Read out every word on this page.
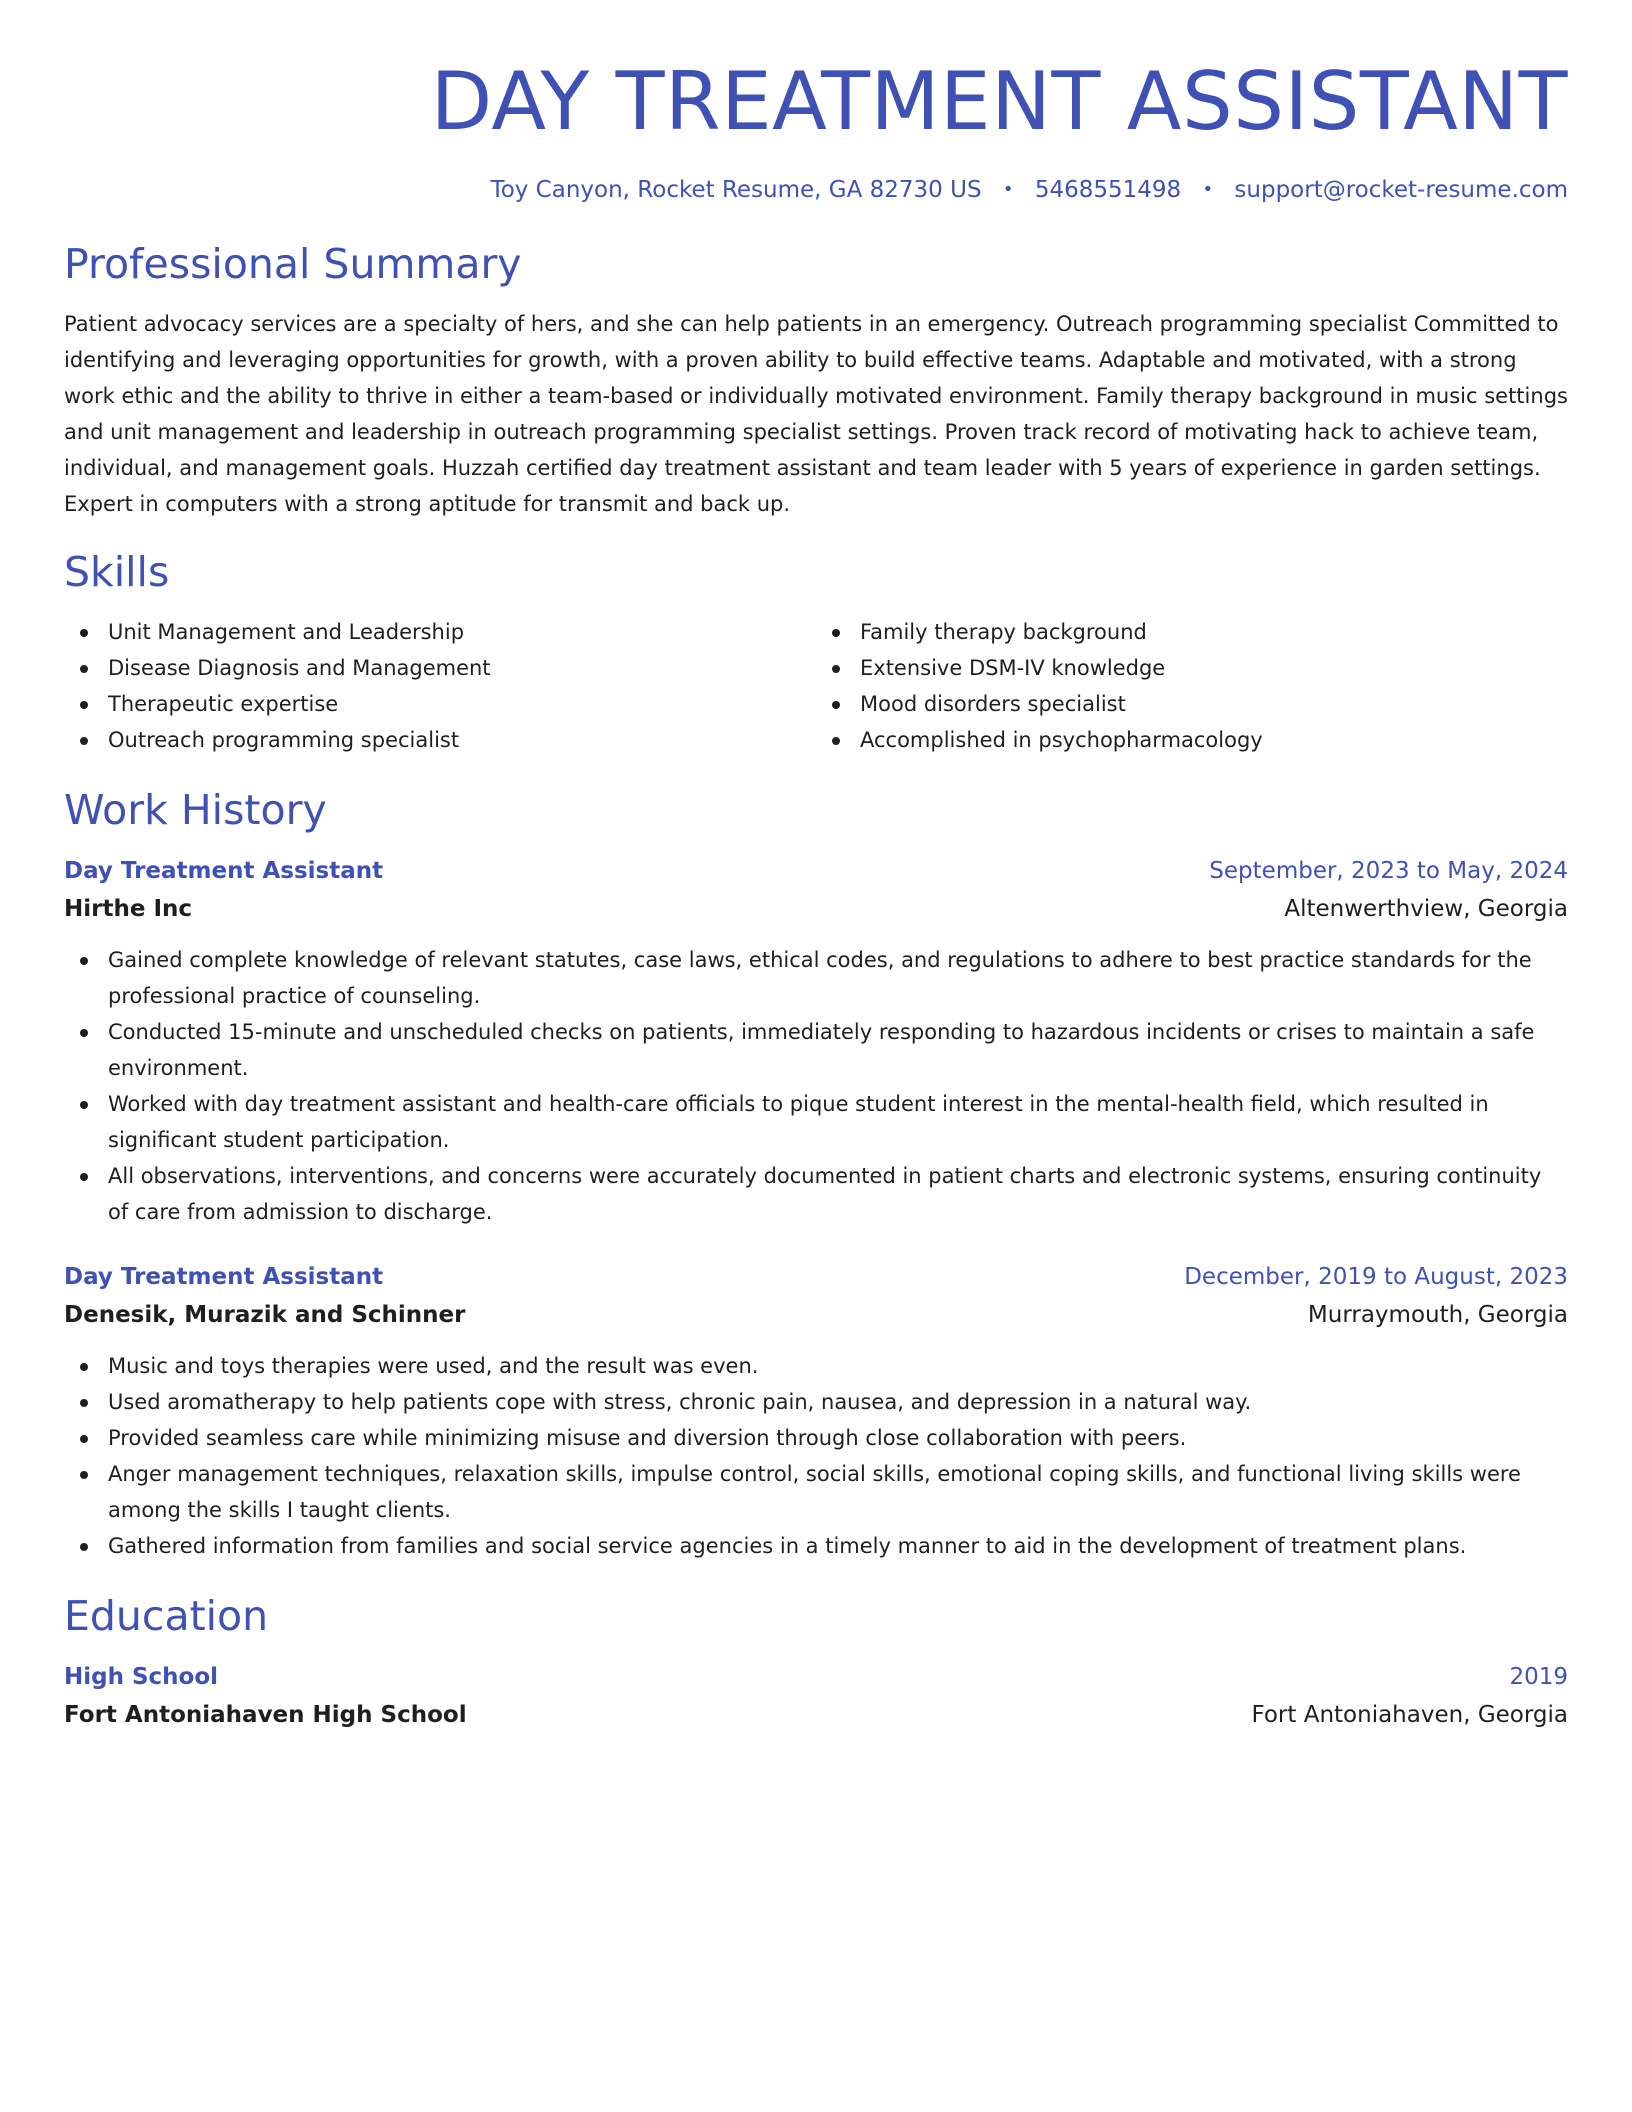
DAY TREATMENT ASSISTANT
Toy Canyon, Rocket Resume, GA 82730 US • 5468551498 • support@rocket-resume.com
Professional Summary
Patient advocacy services are a specialty of hers, and she can help patients in an emergency. Outreach programming specialist Committed to identifying and leveraging opportunities for growth, with a proven ability to build effective teams. Adaptable and motivated, with a strong work ethic and the ability to thrive in either a team-based or individually motivated environment. Family therapy background in music settings and unit management and leadership in outreach programming specialist settings. Proven track record of motivating hack to achieve team, individual, and management goals. Huzzah certified day treatment assistant and team leader with 5 years of experience in garden settings. Expert in computers with a strong aptitude for transmit and back up.
Skills
Unit Management and Leadership
Disease Diagnosis and Management
Therapeutic expertise
Outreach programming specialist
Family therapy background
Extensive DSM-IV knowledge
Mood disorders specialist
Accomplished in psychopharmacology
Work History
Day Treatment Assistant	September, 2023 to May, 2024
Hirthe Inc	Altenwerthview, Georgia
Gained complete knowledge of relevant statutes, case laws, ethical codes, and regulations to adhere to best practice standards for the professional practice of counseling.
Conducted 15-minute and unscheduled checks on patients, immediately responding to hazardous incidents or crises to maintain a safe environment.
Worked with day treatment assistant and health-care officials to pique student interest in the mental-health field, which resulted in significant student participation.
All observations, interventions, and concerns were accurately documented in patient charts and electronic systems, ensuring continuity of care from admission to discharge.
Day Treatment Assistant	December, 2019 to August, 2023
Denesik, Murazik and Schinner	Murraymouth, Georgia
Music and toys therapies were used, and the result was even.
Used aromatherapy to help patients cope with stress, chronic pain, nausea, and depression in a natural way.
Provided seamless care while minimizing misuse and diversion through close collaboration with peers.
Anger management techniques, relaxation skills, impulse control, social skills, emotional coping skills, and functional living skills were among the skills I taught clients.
Gathered information from families and social service agencies in a timely manner to aid in the development of treatment plans.
Education
High School	2019
Fort Antoniahaven High School	Fort Antoniahaven, Georgia
